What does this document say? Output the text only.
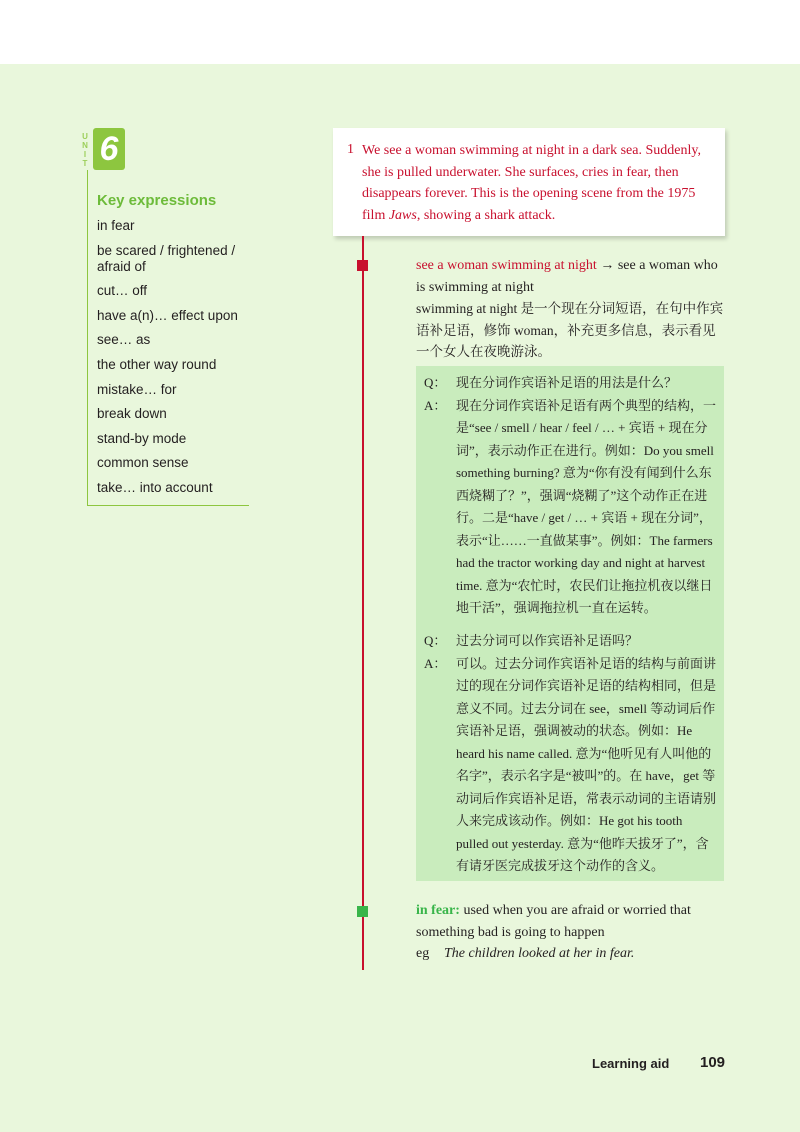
U
N
I
T 6
Key expressions
in fear
be scared / frightened / afraid of
cut… off
have a(n)… effect upon
see… as
the other way round
mistake… for
break down
stand-by mode
common sense
take… into account
1 We see a woman swimming at night in a dark sea. Suddenly, she is pulled underwater. She surfaces, cries in fear, then disappears forever. This is the opening scene from the 1975 film Jaws, showing a shark attack.

see a woman swimming at night → see a woman who is swimming at night

swimming at night 是一个现在分词短语，在句中作宾语补足语，修饰 woman，补充更多信息，表示看见一个女人在夜晚游泳。

Q： 现在分词作宾语补足语的用法是什么？

A： 现在分词作宾语补足语有两个典型的结构，一是“see / smell / hear / feel / … + 宾语 + 现在分词”，表示动作正在进行。例如：Do you smell something burning? 意为“你有没有闻到什么东西烧糊了？”，强调“烧糊了”这个动作正在进行。二是“have / get / … + 宾语 + 现在分词”，表示“让……一直做某事”。例如：The farmers had the tractor working day and night at harvest time. 意为“农忙时，农民们让拖拉机夜以继日地干活”，强调拖拉机一直在运转。

Q： 过去分词可以作宾语补足语吗？

A： 可以。过去分词作宾语补足语的结构与前面讲过的现在分词作宾语补足语的结构相同，但是意义不同。过去分词在 see，smell 等动词后作宾语补足语，强调被动的状态。例如：He heard his name called. 意为“他听见有人叫他的名字”，表示名字是“被叫”的。在 have，get 等动词后作宾语补足语，常表示动词的主语请别人来完成该动作。例如：He got his tooth pulled out yesterday. 意为“他昨天拔牙了”，含有请牙医完成拔牙这个动作的含义。

in fear: used when you are afraid or worried that something bad is going to happen

eg The children looked at her in fear.

Learning aid 109
